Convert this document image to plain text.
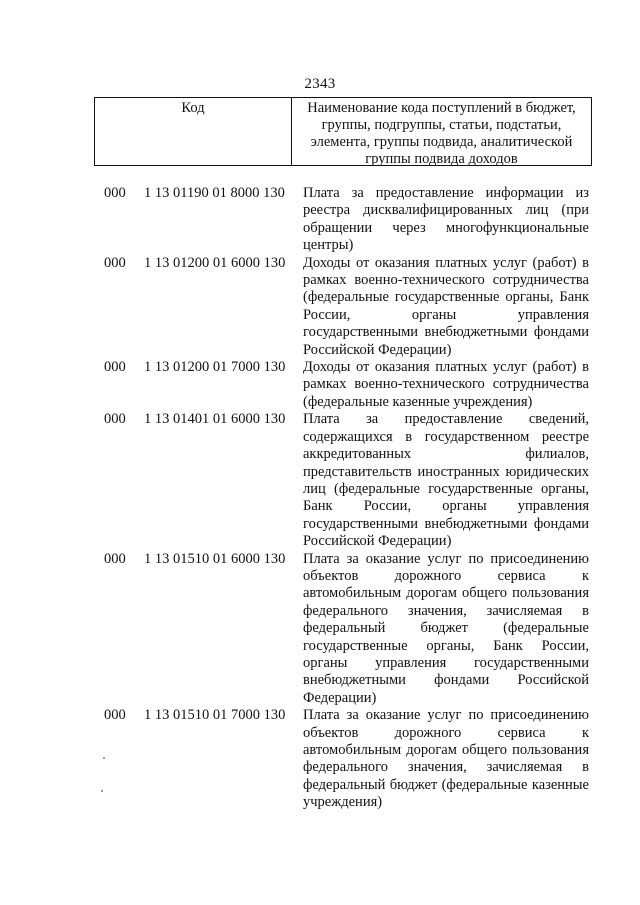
2343
Код	Наименование кода поступлений в бюджет, группы, подгруппы, статьи, подстатьи, элемента, группы подвида, аналитической группы подвида доходов
000	1 13 01190 01 8000 130	Плата за предоставление информации из
реестра дисквалифицированных лиц (при
обращении через многофункциональные
центры)
000	1 13 01200 01 6000 130	Доходы от оказания платных услуг (работ) в
рамках военно-технического сотрудничества
(федеральные государственные органы, Банк
России, органы управления
государственными внебюджетными фондами
Российской Федерации)
000	1 13 01200 01 7000 130	Доходы от оказания платных услуг (работ) в
рамках военно-технического сотрудничества
(федеральные казенные учреждения)
000	1 13 01401 01 6000 130	Плата за предоставление сведений,
содержащихся в государственном реестре
аккредитованных филиалов,
представительств иностранных юридических
лиц (федеральные государственные органы,
Банк России, органы управления
государственными внебюджетными фондами
Российской Федерации)
000	1 13 01510 01 6000 130	Плата за оказание услуг по присоединению
объектов дорожного сервиса к
автомобильным дорогам общего пользования
федерального значения, зачисляемая в
федеральный бюджет (федеральные
государственные органы, Банк России,
органы управления государственными
внебюджетными фондами Российской
Федерации)
000	1 13 01510 01 7000 130	Плата за оказание услуг по присоединению
объектов дорожного сервиса к
автомобильным дорогам общего пользования
федерального значения, зачисляемая в
федеральный бюджет (федеральные казенные
учреждения)
